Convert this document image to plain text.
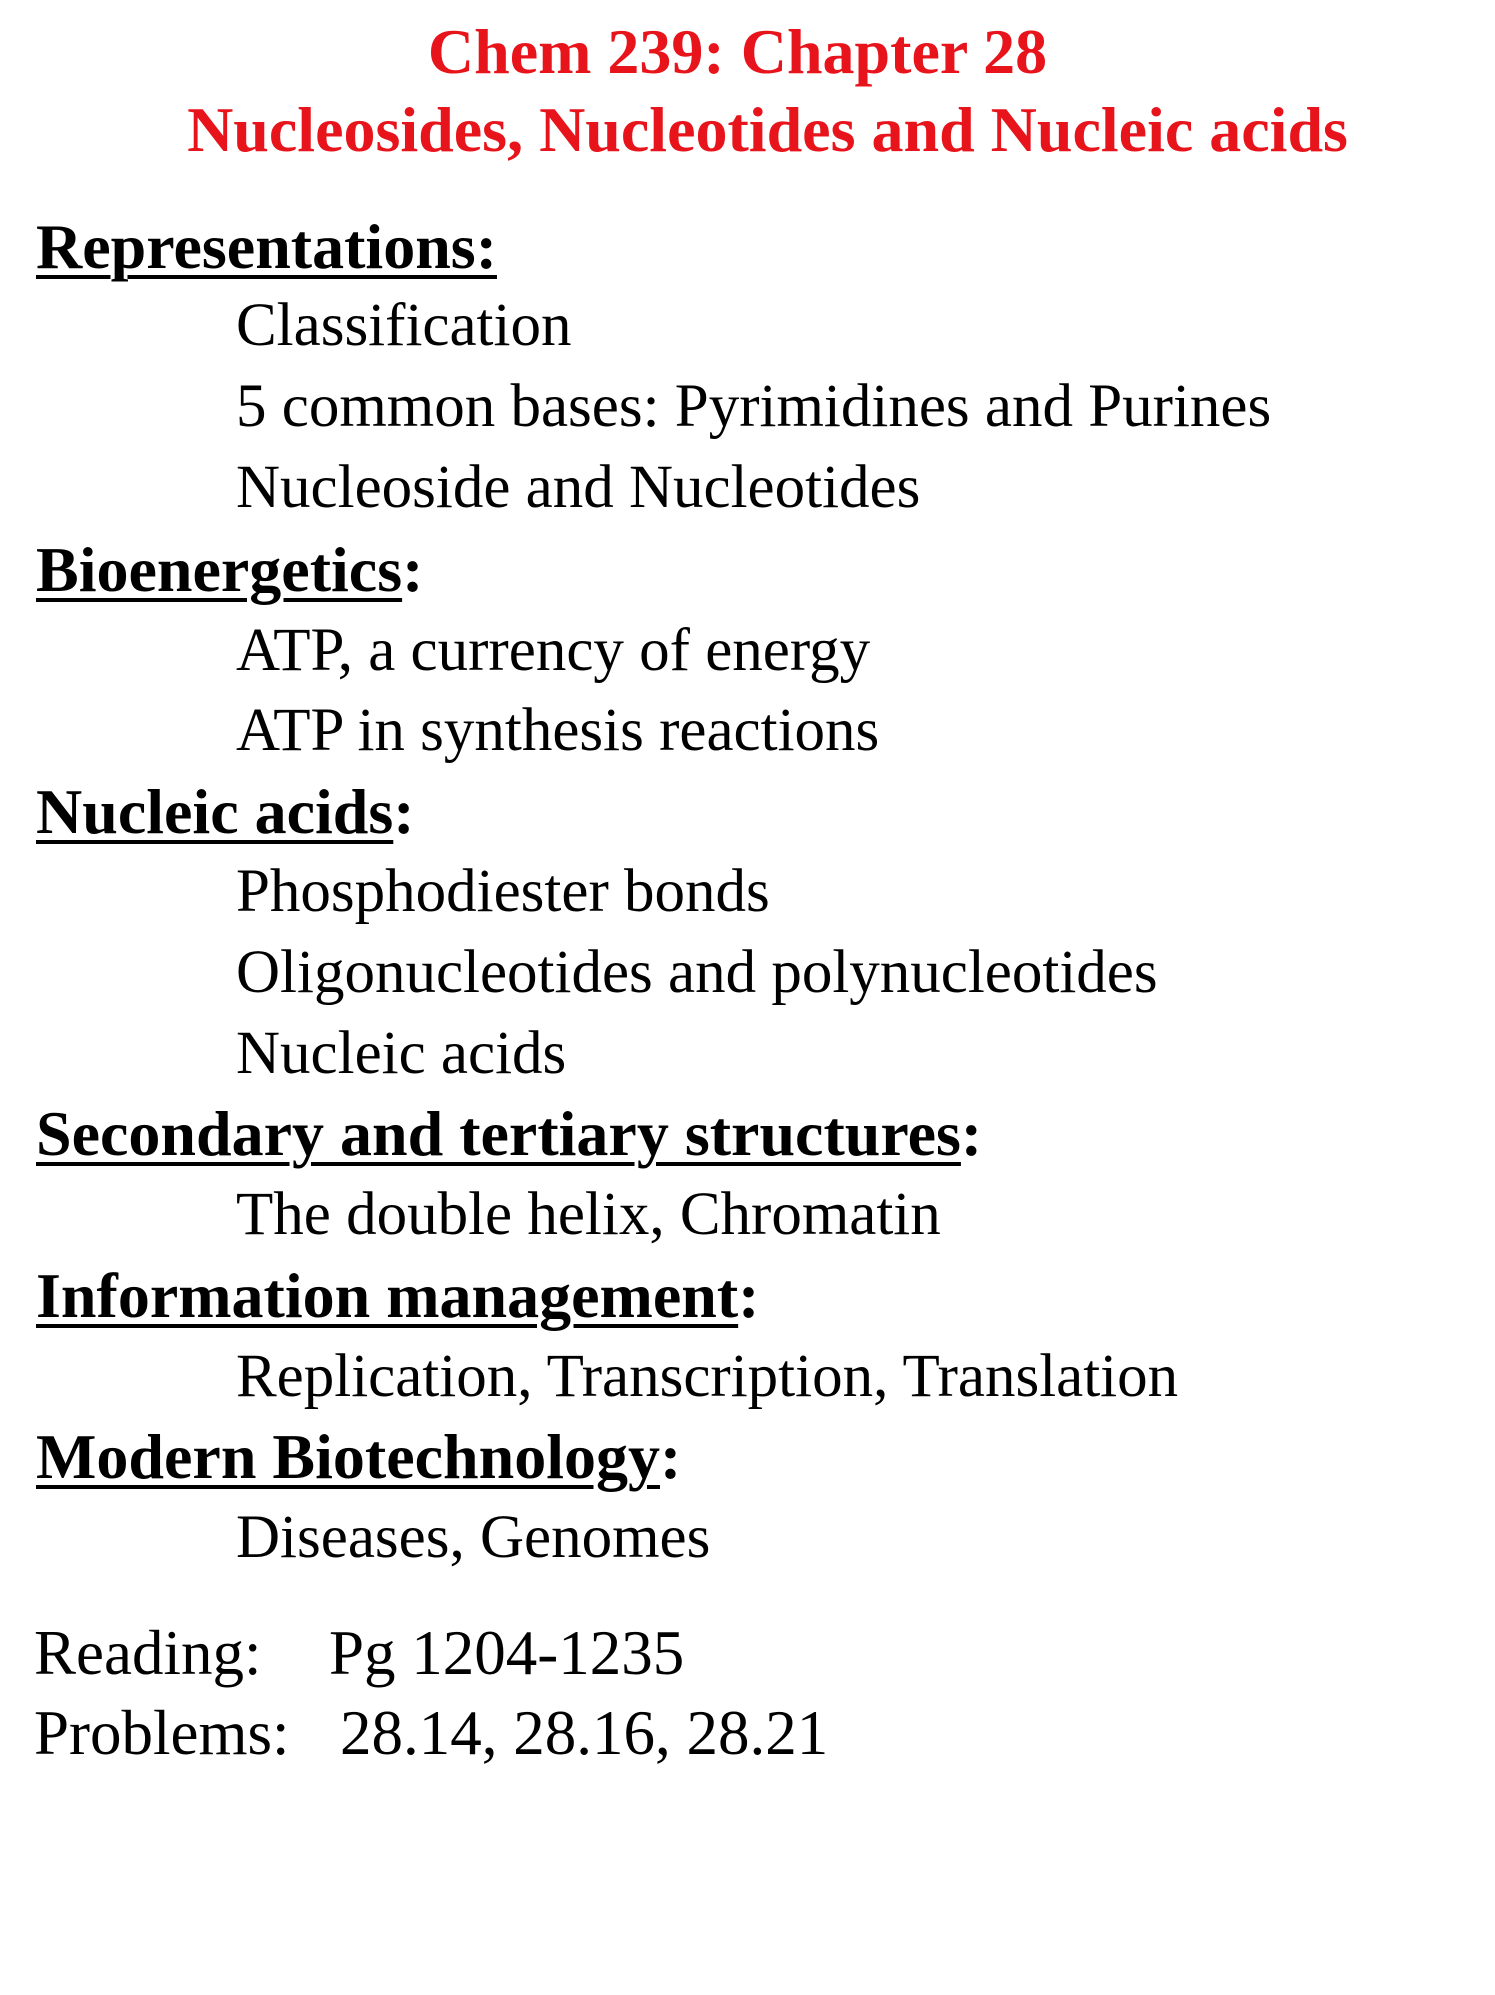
Chem 239: Chapter 28
Nucleosides, Nucleotides and Nucleic acids
Representations:
Classification
5 common bases: Pyrimidines and Purines
Nucleoside and Nucleotides
Bioenergetics:
ATP, a currency of energy
ATP in synthesis reactions
Nucleic acids:
Phosphodiester bonds
Oligonucleotides and polynucleotides
Nucleic acids
Secondary and tertiary structures:
The double helix, Chromatin
Information management:
Replication, Transcription, Translation
Modern Biotechnology:
Diseases, Genomes
Reading: Pg 1204-1235
Problems: 28.14, 28.16, 28.21
